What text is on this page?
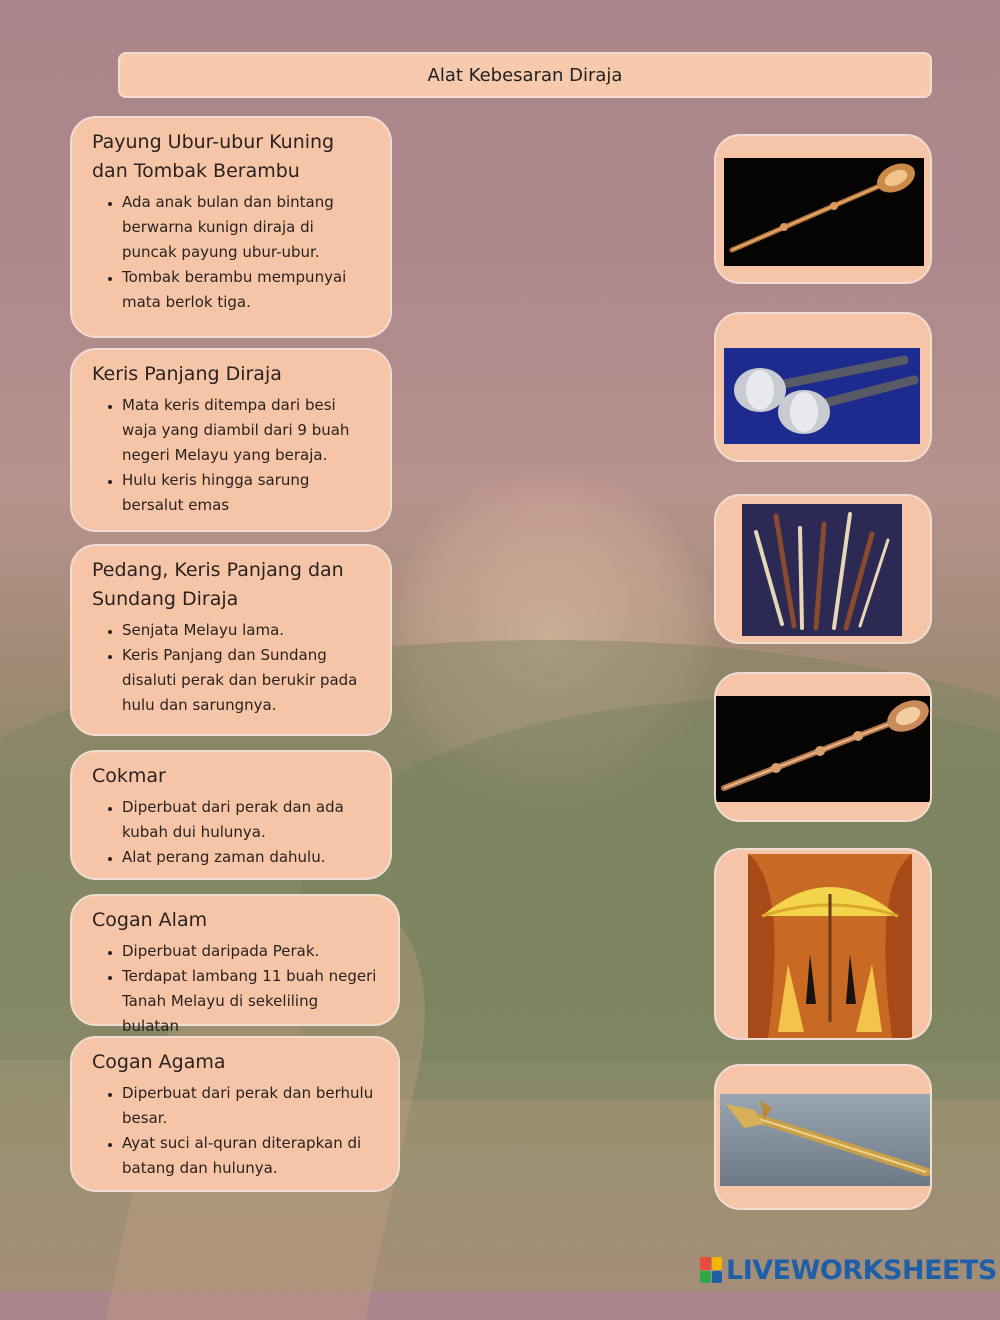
Alat Kebesaran Diraja
Payung Ubur-ubur Kuning dan Tombak Berambu
• Ada anak bulan dan bintang berwarna kunign diraja di puncak payung ubur-ubur.
• Tombak berambu mempunyai mata berlok tiga.
Keris Panjang Diraja
• Mata keris ditempa dari besi waja yang diambil dari 9 buah negeri Melayu yang beraja.
• Hulu keris hingga sarung bersalut emas
Pedang, Keris Panjang dan Sundang Diraja
• Senjata Melayu lama.
• Keris Panjang dan Sundang disaluti perak dan berukir pada hulu dan sarungnya.
Cokmar
• Diperbuat dari perak dan ada kubah dui hulunya.
• Alat perang zaman dahulu.
Cogan Alam
• Diperbuat daripada Perak.
• Terdapat lambang 11 buah negeri Tanah Melayu di sekeliling bulatan
Cogan Agama
• Diperbuat dari perak dan berhulu besar.
• Ayat suci al-quran diterapkan di batang dan hulunya.
LIVEWORKSHEETS
